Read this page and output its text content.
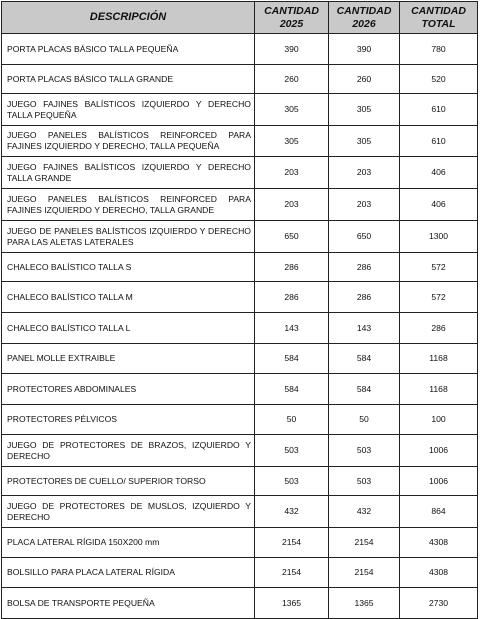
DESCRIPCIÓN	CANTIDAD 2025	CANTIDAD 2026	CANTIDAD TOTAL
PORTA PLACAS BÁSICO TALLA PEQUEÑA	390	390	780
PORTA PLACAS BÁSICO TALLA GRANDE	260	260	520
JUEGO FAJINES BALÍSTICOS IZQUIERDO Y DERECHO TALLA PEQUEÑA	305	305	610
JUEGO PANELES BALÍSTICOS REINFORCED PARA FAJINES IZQUIERDO Y DERECHO, TALLA PEQUEÑA	305	305	610
JUEGO FAJINES BALÍSTICOS IZQUIERDO Y DERECHO TALLA GRANDE	203	203	406
JUEGO PANELES BALÍSTICOS REINFORCED PARA FAJINES IZQUIERDO Y DERECHO, TALLA GRANDE	203	203	406
JUEGO DE PANELES BALÍSTICOS IZQUIERDO Y DERECHO PARA LAS ALETAS LATERALES	650	650	1300
CHALECO BALÍSTICO TALLA S	286	286	572
CHALECO BALÍSTICO TALLA M	286	286	572
CHALECO BALÍSTICO TALLA L	143	143	286
PANEL MOLLE EXTRAIBLE	584	584	1168
PROTECTORES ABDOMINALES	584	584	1168
PROTECTORES PÉLVICOS	50	50	100
JUEGO DE PROTECTORES DE BRAZOS, IZQUIERDO Y DERECHO	503	503	1006
PROTECTORES DE CUELLO/ SUPERIOR TORSO	503	503	1006
JUEGO DE PROTECTORES DE MUSLOS, IZQUIERDO Y DERECHO	432	432	864
PLACA LATERAL RÍGIDA 150X200 mm	2154	2154	4308
BOLSILLO PARA PLACA LATERAL RÍGIDA	2154	2154	4308
BOLSA DE TRANSPORTE PEQUEÑA	1365	1365	2730
